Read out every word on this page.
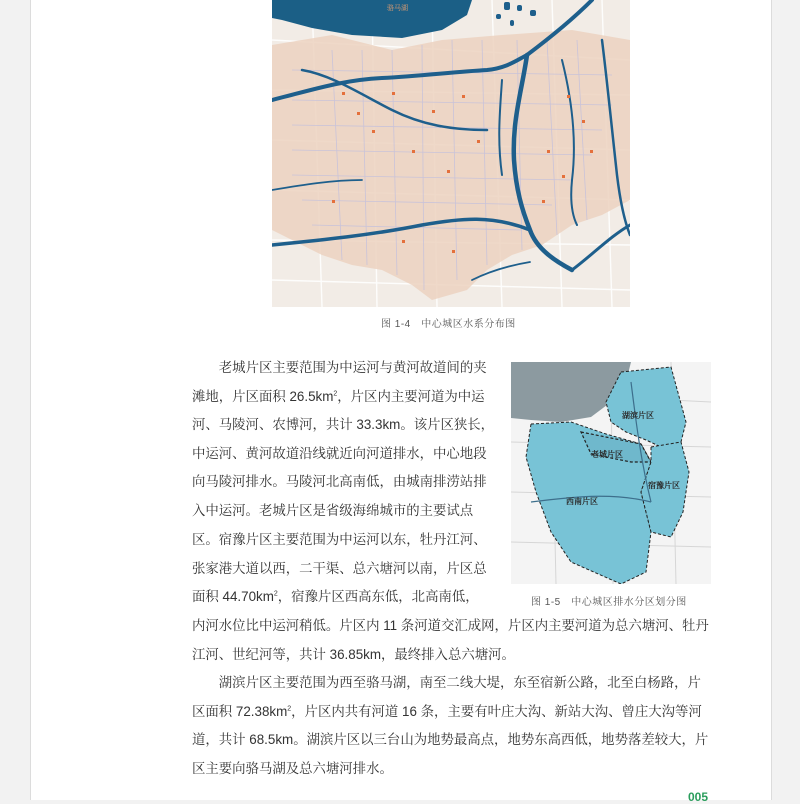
骆马湖
图 1-4　中心城区水系分布图
湖滨片区
老城片区
宿豫片区
西南片区
图 1-5　中心城区排水分区划分图

老城片区主要范围为中运河与黄河故道间的夹滩地，片区面积 $26.5km^2$，片区内主要河道为中运河、马陵河、农博河，共计 33.3km。该片区狭长，中运河、黄河故道沿线就近向河道排水，中心地段向马陵河排水。马陵河北高南低，由城南排涝站排入中运河。老城片区是省级海绵城市的主要试点区。 宿豫片区主要范围为中运河以东，牡丹江河、张家港大道以西，二干渠、总六塘河以南，片区总面积 $44.70km^2$，宿豫片区西高东低，北高南低，

内河水位比中运河稍低。片区内 11 条河道交汇成网，片区内主要河道为总六塘河、牡丹江河、世纪河等，共计 36.85km，最终排入总六塘河。

湖滨片区主要范围为西至骆马湖，南至二线大堤，东至宿新公路，北至白杨路，片区面积 $72.38km^2$，片区内共有河道 16 条，主要有叶庄大沟、新站大沟、曾庄大沟等河道，共计 68.5km。湖滨片区以三台山为地势最高点，地势东高西低，地势落差较大，片区主要向骆马湖及总六塘河排水。

005
